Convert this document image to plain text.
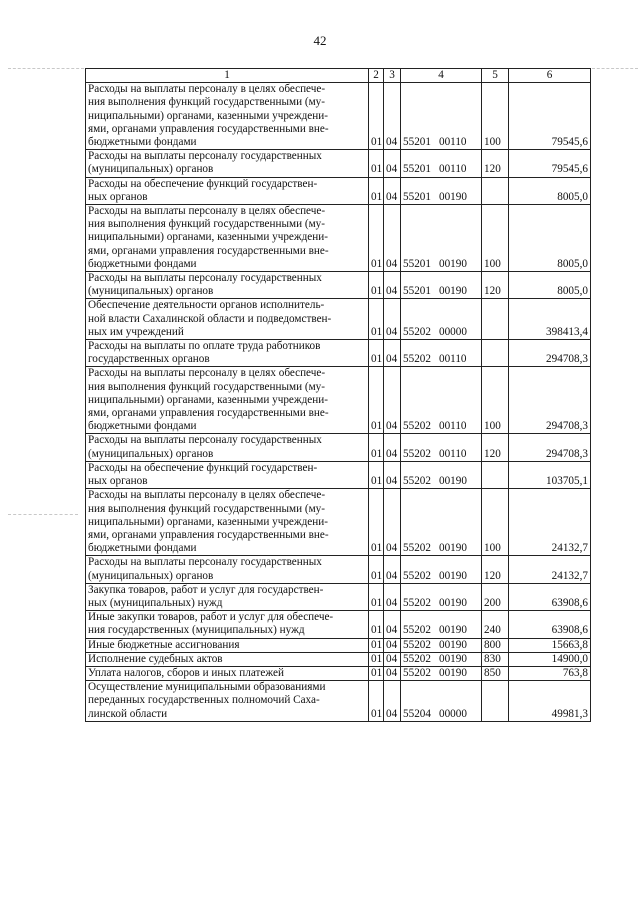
42
1	2	3	4	5	6
Расходы на выплаты персоналу в целях обеспече-
ния выполнения функций государственными (му-
ниципальными) органами, казенными учреждени-
ями, органами управления государственными вне-
бюджетными фондами	01	04	55201 00110	100	79545,6
Расходы на выплаты персоналу государственных
(муниципальных) органов	01	04	55201 00110	120	79545,6
Расходы на обеспечение функций государствен-
ных органов	01	04	55201 00190		8005,0
Расходы на выплаты персоналу в целях обеспече-
ния выполнения функций государственными (му-
ниципальными) органами, казенными учреждени-
ями, органами управления государственными вне-
бюджетными фондами	01	04	55201 00190	100	8005,0
Расходы на выплаты персоналу государственных
(муниципальных) органов	01	04	55201 00190	120	8005,0
Обеспечение деятельности органов исполнитель-
ной власти Сахалинской области и подведомствен-
ных им учреждений	01	04	55202 00000		398413,4
Расходы на выплаты по оплате труда работников
государственных органов	01	04	55202 00110		294708,3
Расходы на выплаты персоналу в целях обеспече-
ния выполнения функций государственными (му-
ниципальными) органами, казенными учреждени-
ями, органами управления государственными вне-
бюджетными фондами	01	04	55202 00110	100	294708,3
Расходы на выплаты персоналу государственных
(муниципальных) органов	01	04	55202 00110	120	294708,3
Расходы на обеспечение функций государствен-
ных органов	01	04	55202 00190		103705,1
Расходы на выплаты персоналу в целях обеспече-
ния выполнения функций государственными (му-
ниципальными) органами, казенными учреждени-
ями, органами управления государственными вне-
бюджетными фондами	01	04	55202 00190	100	24132,7
Расходы на выплаты персоналу государственных
(муниципальных) органов	01	04	55202 00190	120	24132,7
Закупка товаров, работ и услуг для государствен-
ных (муниципальных) нужд	01	04	55202 00190	200	63908,6
Иные закупки товаров, работ и услуг для обеспече-
ния государственных (муниципальных) нужд	01	04	55202 00190	240	63908,6
Иные бюджетные ассигнования	01	04	55202 00190	800	15663,8
Исполнение судебных актов	01	04	55202 00190	830	14900,0
Уплата налогов, сборов и иных платежей	01	04	55202 00190	850	763,8
Осуществление муниципальными образованиями
переданных государственных полномочий Саха-
линской области	01	04	55204 00000		49981,3
